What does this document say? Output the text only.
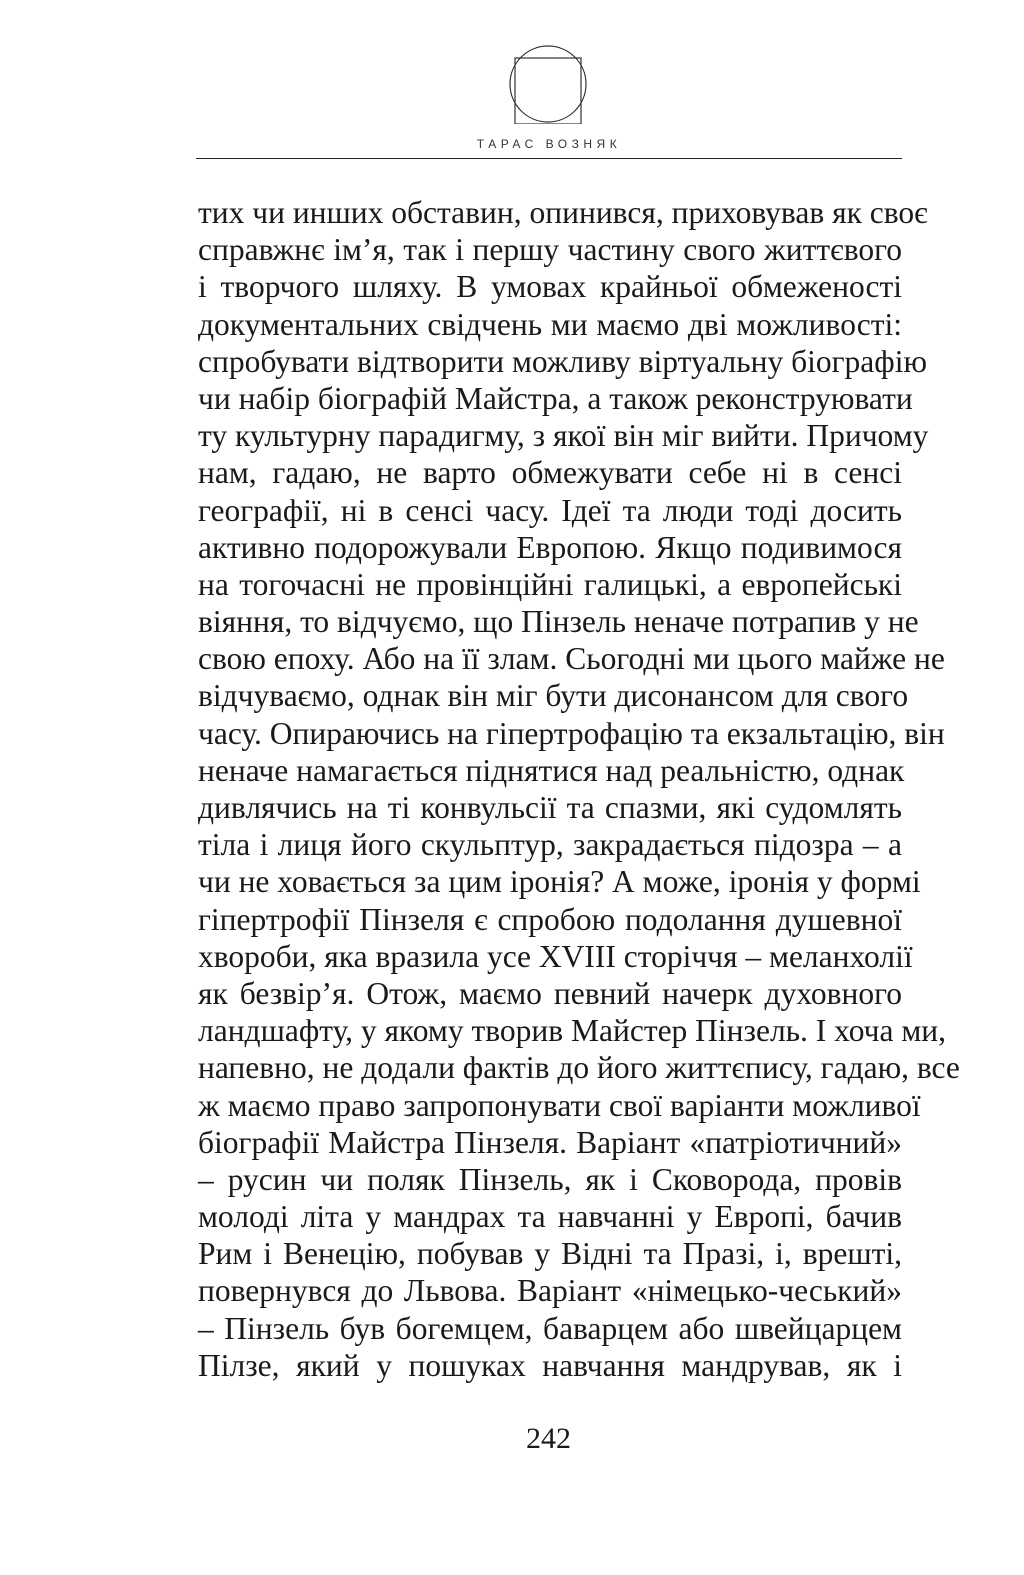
ТАРАС ВОЗНЯК
тих чи инших обставин, опинився, приховував як своє
справжнє ім’я, так і першу частину свого життєвого
і творчого шляху. В умовах крайньої обмеженості
документальних свідчень ми маємо дві можливості:
спробувати відтворити можливу віртуальну біографію
чи набір біографій Майстра, а також реконструювати
ту культурну парадигму, з якої він міг вийти. Причому
нам, гадаю, не варто обмежувати себе ні в сенсі
географії, ні в сенсі часу. Ідеї та люди тоді досить
активно подорожували Европою. Якщо подивимося
на тогочасні не провінційні галицькі, а европейські
віяння, то відчуємо, що Пінзель неначе потрапив у не
свою епоху. Або на її злам. Сьогодні ми цього майже не
відчуваємо, однак він міг бути дисонансом для свого
часу. Опираючись на гіпертрофацію та екзальтацію, він
неначе намагається піднятися над реальністю, однак
дивлячись на ті конвульсії та спазми, які судомлять
тіла і лиця його скульптур, закрадається підозра – а
чи не ховається за цим іронія? А може, іронія у формі
гіпертрофії Пінзеля є спробою подолання душевної
хвороби, яка вразила усе XVIII сторіччя – меланхолії
як безвір’я. Отож, маємо певний начерк духовного
ландшафту, у якому творив Майстер Пінзель. І хоча ми,
напевно, не додали фактів до його життєпису, гадаю, все
ж маємо право запропонувати свої варіанти можливої
біографії Майстра Пінзеля. Варіант «патріотичний»
– русин чи поляк Пінзель, як і Сковорода, провів
молоді літа у мандрах та навчанні у Европі, бачив
Рим і Венецію, побував у Відні та Празі, і, врешті,
повернувся до Львова. Варіант «німецько-чеський»
– Пінзель був богемцем, баварцем або швейцарцем
Пілзе, який у пошуках навчання мандрував, як і
242
